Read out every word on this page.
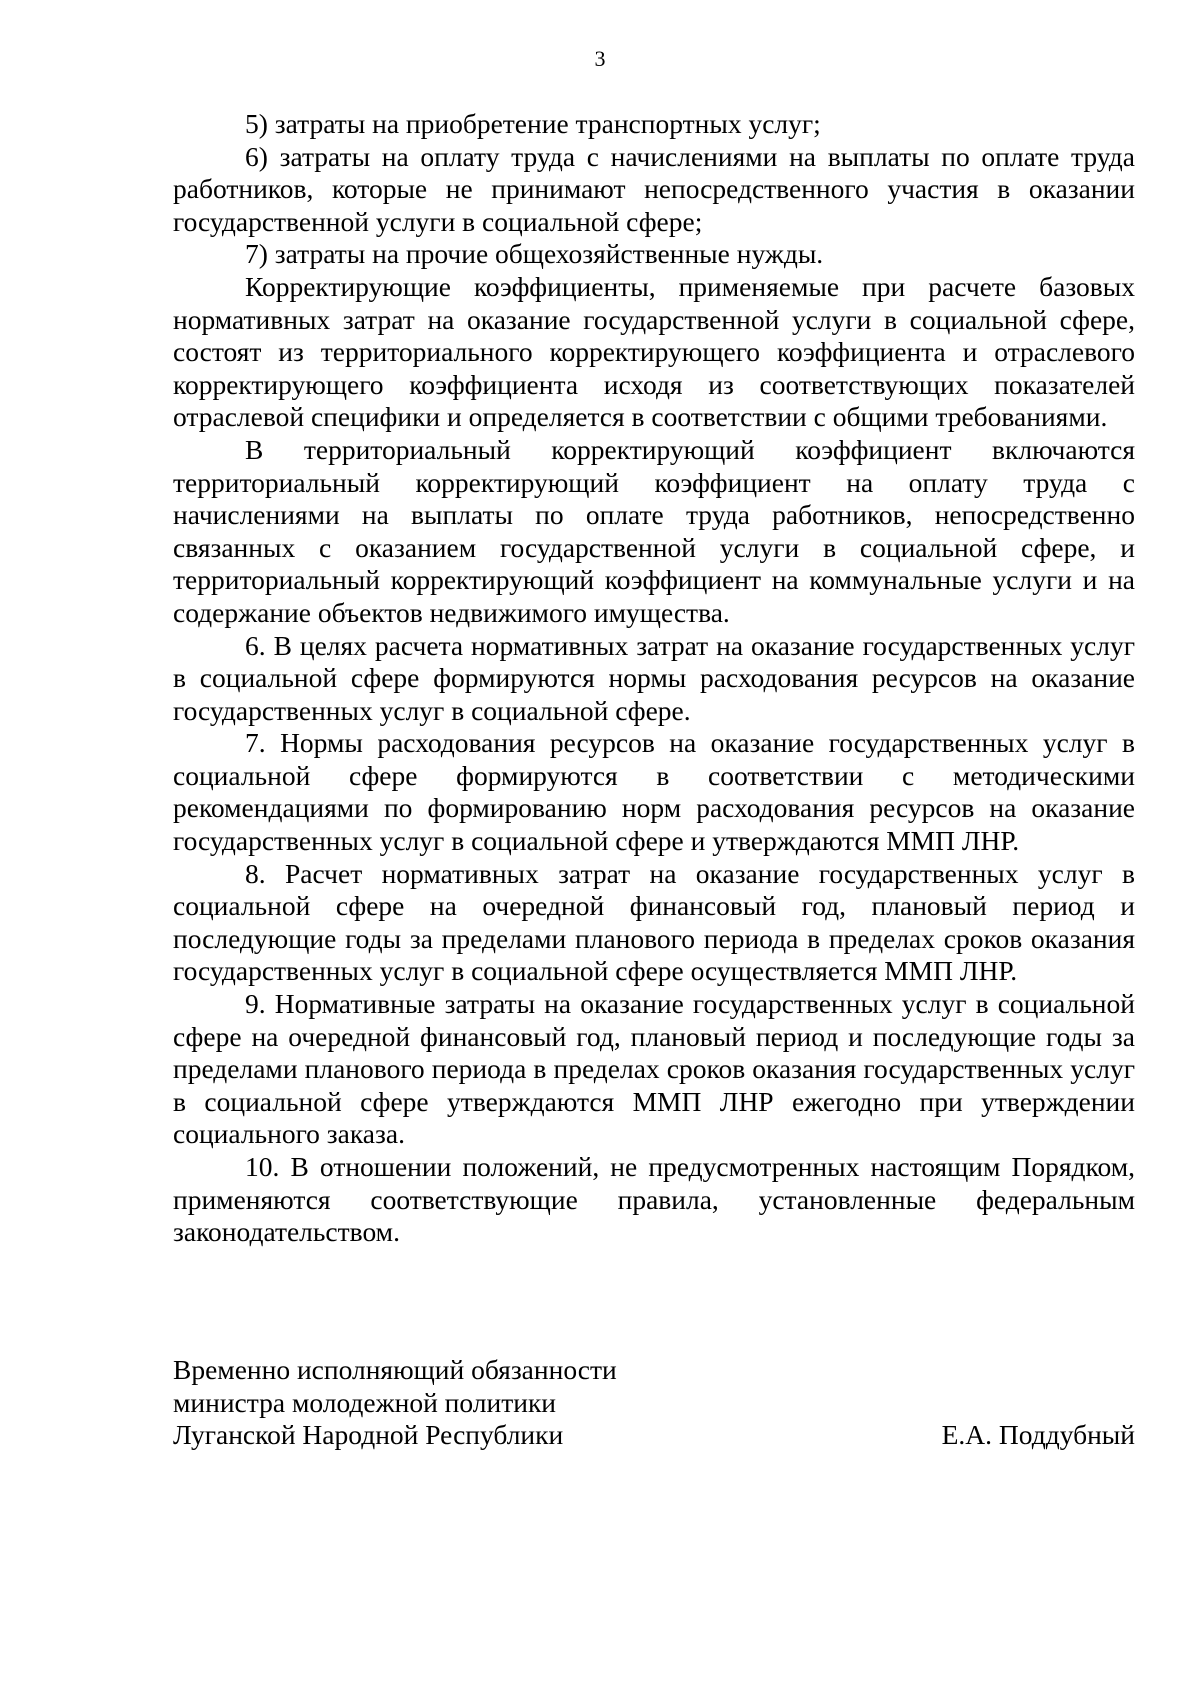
3

5) затраты на приобретение транспортных услуг;

6) затраты на оплату труда с начислениями на выплаты по оплате труда работников, которые не принимают непосредственного участия в оказании государственной услуги в социальной сфере;

7) затраты на прочие общехозяйственные нужды.

Корректирующие коэффициенты, применяемые при расчете базовых нормативных затрат на оказание государственной услуги в социальной сфере, состоят из территориального корректирующего коэффициента и отраслевого корректирующего коэффициента исходя из соответствующих показателей отраслевой специфики и определяется в соответствии с общими требованиями.

В территориальный корректирующий коэффициент включаются территориальный корректирующий коэффициент на оплату труда с начислениями на выплаты по оплате труда работников, непосредственно связанных с оказанием государственной услуги в социальной сфере, и территориальный корректирующий коэффициент на коммунальные услуги и на содержание объектов недвижимого имущества.

6. В целях расчета нормативных затрат на оказание государственных услуг в социальной сфере формируются нормы расходования ресурсов на оказание государственных услуг в социальной сфере.

7. Нормы расходования ресурсов на оказание государственных услуг в социальной сфере формируются в соответствии с методическими рекомендациями по формированию норм расходования ресурсов на оказание государственных услуг в социальной сфере и утверждаются ММП ЛНР.

8. Расчет нормативных затрат на оказание государственных услуг в социальной сфере на очередной финансовый год, плановый период и последующие годы за пределами планового периода в пределах сроков оказания государственных услуг в социальной сфере осуществляется ММП ЛНР.

9. Нормативные затраты на оказание государственных услуг в социальной сфере на очередной финансовый год, плановый период и последующие годы за пределами планового периода в пределах сроков оказания государственных услуг в социальной сфере утверждаются ММП ЛНР ежегодно при утверждении социального заказа.

10. В отношении положений, не предусмотренных настоящим Порядком, применяются соответствующие правила, установленные федеральным законодательством.

Временно исполняющий обязанности
министра молодежной политики
Луганской Народной Республики	Е.А. Поддубный
